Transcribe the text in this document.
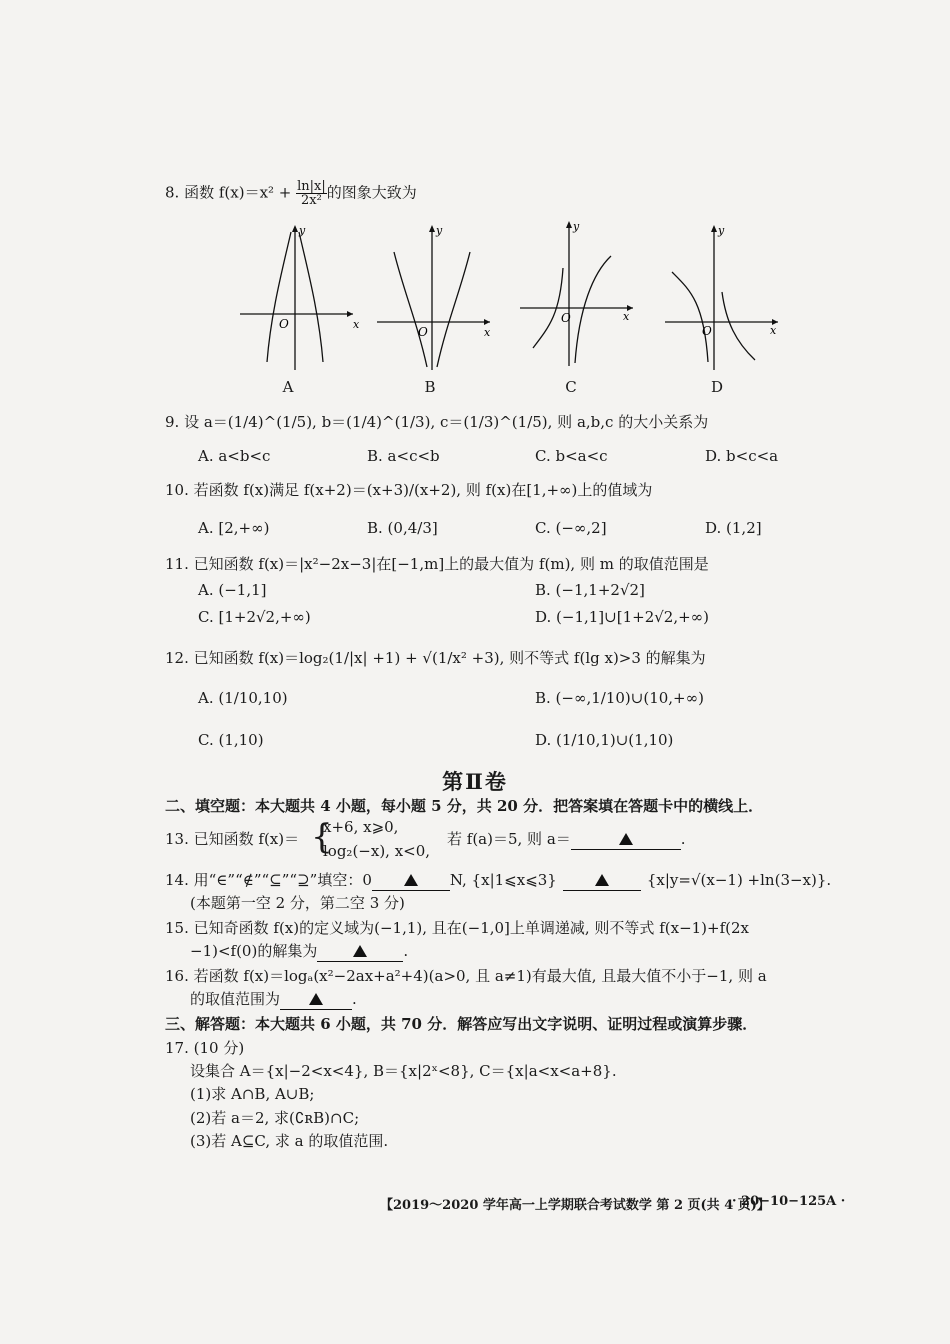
8. 函数 $f(x)=x^2 + \frac{\ln|x|}{\text{2x²}}$ 的图象大致为
x
y
O
x
y
O
x
y
O
x
y
O
A	B	C	D
9. 设 a＝(1/4)^(1/5), b＝(1/4)^(1/3), c＝(1/3)^(1/5), 则 a,b,c 的大小关系为
A. a<b<c	B. a<c<b	C. b<a<c	D. b<c<a
10. 若函数 f(x)满足 f(x+2)＝(x+3)/(x+2), 则 f(x)在[1,+∞)上的值域为
A. [2,+∞)	B. (0,4/3]	C. (−∞,2]	D. (1,2]
11. 已知函数 f(x)＝|x²−2x−3|在[−1,m]上的最大值为 f(m), 则 m 的取值范围是
A. (−1,1]	B. (−1,1+2√2]
C. [1+2√2,+∞)	D. (−1,1]∪[1+2√2,+∞)
12. 已知函数 f(x)＝log₂(1/|x| +1) + √(1/x² +3), 则不等式 f(lg x)>3 的解集为
A. (1/10,10)	B. (−∞,1/10)∪(10,+∞)
C. (1,10)	D. (1/10,1)∪(1,10)
第Ⅱ卷
二、填空题：本大题共 4 小题，每小题 5 分，共 20 分．把答案填在答题卡中的横线上．
13. 已知函数 f(x)＝ {
x+6, x⩾0,
log₂(−x), x<0,
若 f(a)＝5, 则 a＝	.
14. 用“∈”“∉”“⊆”“⊇”填空：0	N, {x|1⩽x⩽3}	{x|y=√(x−1) +ln(3−x)}.
(本题第一空 2 分，第二空 3 分)
15. 已知奇函数 f(x)的定义域为(−1,1), 且在(−1,0]上单调递减, 则不等式 f(x−1)+f(2x
−1)<f(0)的解集为	.
16. 若函数 f(x)＝logₐ(x²−2ax+a²+4)(a>0, 且 a≠1)有最大值, 且最大值不小于−1, 则 a
的取值范围为	.
三、解答题：本大题共 6 小题，共 70 分．解答应写出文字说明、证明过程或演算步骤．
17. (10 分)
设集合 A＝{x|−2<x<4}, B＝{x|2ˣ<8}, C＝{x|a<x<a+8}.
(1)求 A∩B, A∪B;
(2)若 a＝2, 求(∁ʀB)∩C;
(3)若 A⊆C, 求 a 的取值范围.
【2019～2020 学年高一上学期联合考试数学 第 2 页(共 4 页)】
· 20−10−125A ·
